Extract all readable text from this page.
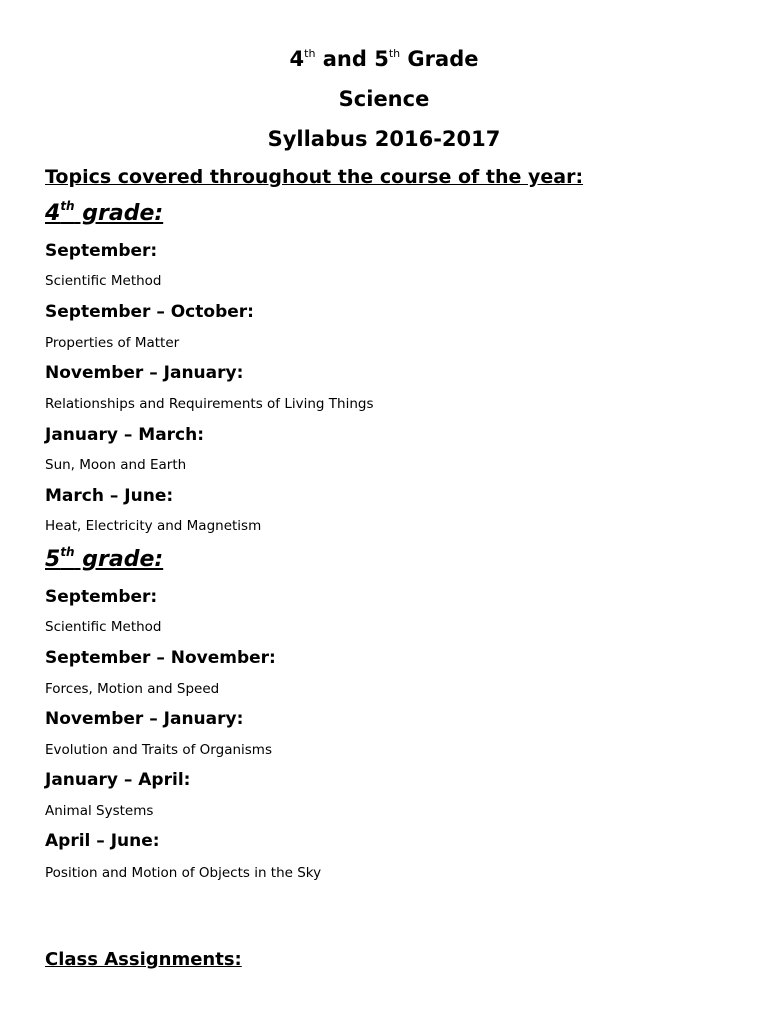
4th and 5th Grade
Science
Syllabus 2016-2017
Topics covered throughout the course of the year:
4th grade:
September:
Scientific Method
September – October:
Properties of Matter
November – January:
Relationships and Requirements of Living Things
January – March:
Sun, Moon and Earth
March – June:
Heat, Electricity and Magnetism
5th grade:
September:
Scientific Method
September – November:
Forces, Motion and Speed
November – January:
Evolution and Traits of Organisms
January – April:
Animal Systems
April – June:
Position and Motion of Objects in the Sky
Class Assignments:
